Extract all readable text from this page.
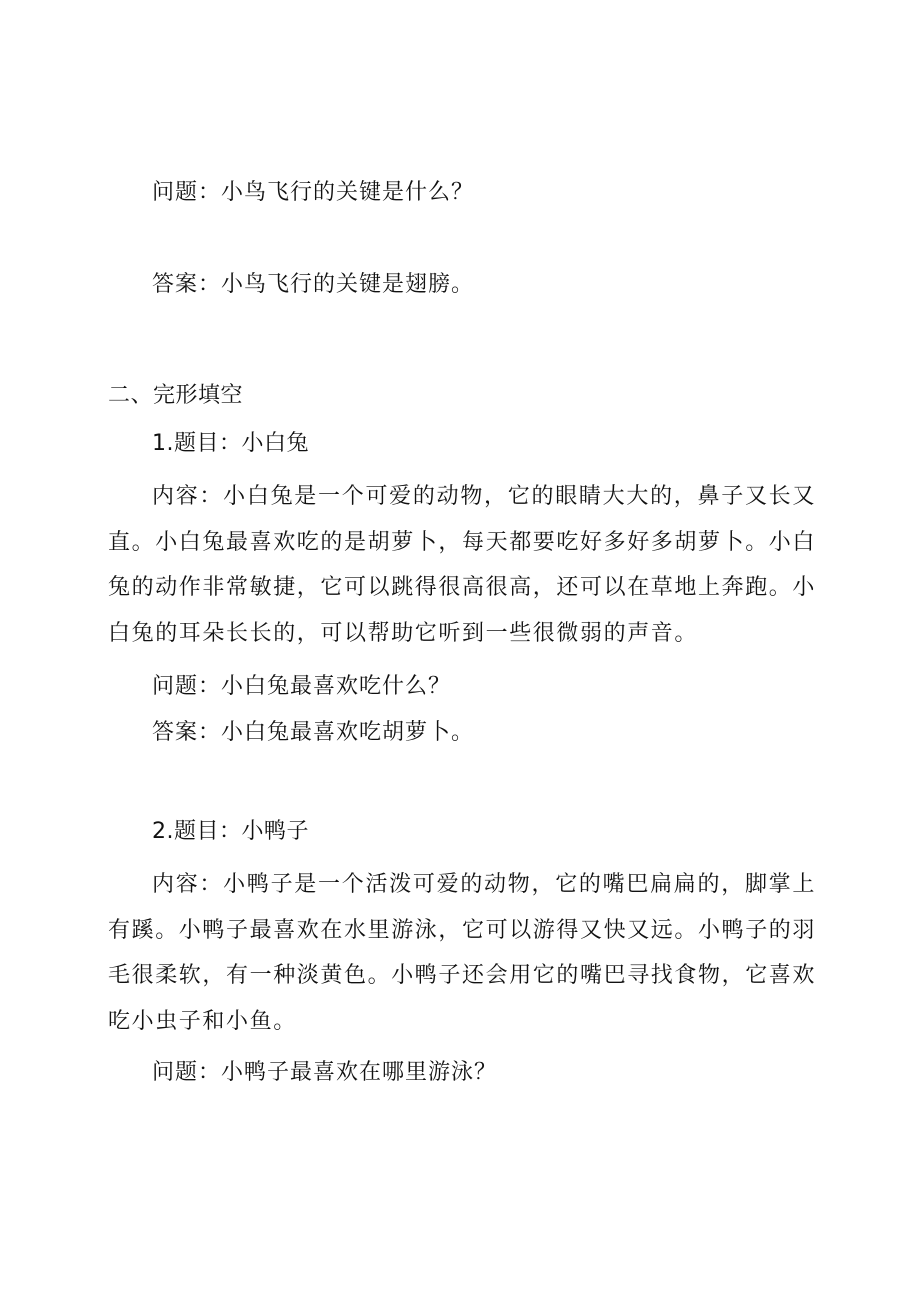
问题：小鸟飞行的关键是什么？
答案：小鸟飞行的关键是翅膀。
二、完形填空
1.题目：小白兔

内容：小白兔是一个可爱的动物，它的眼睛大大的，鼻子又长又直。小白兔最喜欢吃的是胡萝卜，每天都要吃好多好多胡萝卜。小白兔的动作非常敏捷，它可以跳得很高很高，还可以在草地上奔跑。小白兔的耳朵长长的，可以帮助它听到一些很微弱的声音。

问题：小白兔最喜欢吃什么？
答案：小白兔最喜欢吃胡萝卜。
2.题目：小鸭子

内容：小鸭子是一个活泼可爱的动物，它的嘴巴扁扁的，脚掌上有蹊。小鸭子最喜欢在水里游泳，它可以游得又快又远。小鸭子的羽毛很柔软，有一种淡黄色。小鸭子还会用它的嘴巴寻找食物，它喜欢吃小虫子和小鱼。

问题：小鸭子最喜欢在哪里游泳？
